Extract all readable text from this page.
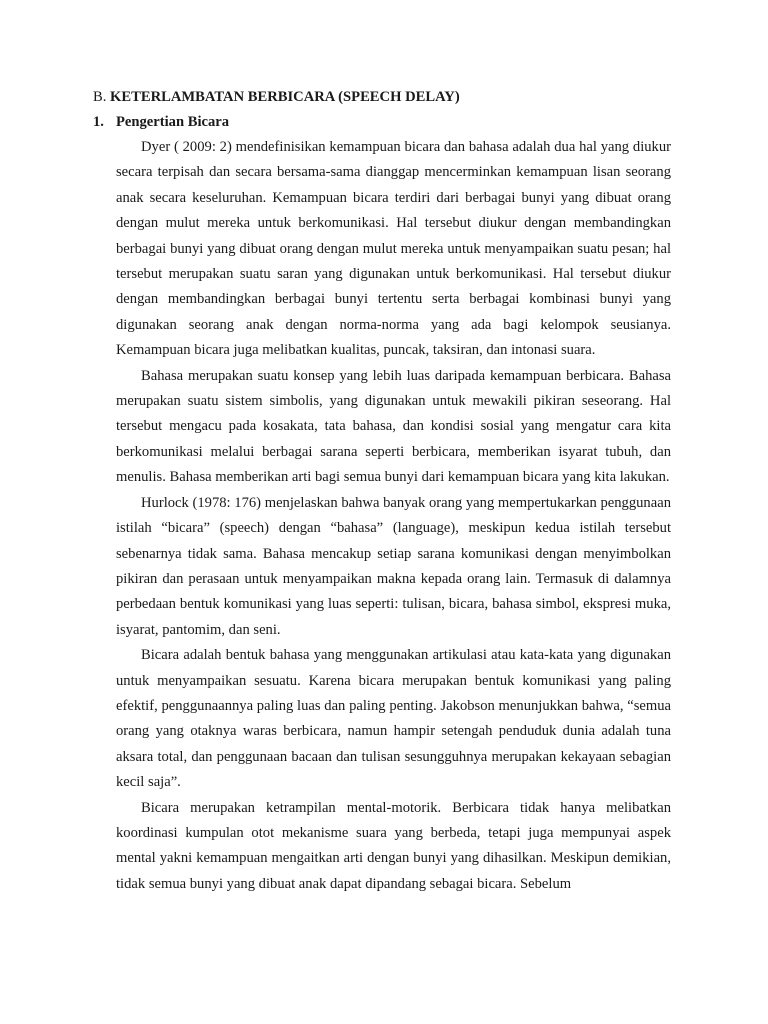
B. KETERLAMBATAN BERBICARA (SPEECH DELAY)
1. Pengertian Bicara

Dyer ( 2009: 2) mendefinisikan kemampuan bicara dan bahasa adalah dua hal yang diukur secara terpisah dan secara bersama-sama dianggap mencerminkan kemampuan lisan seorang anak secara keseluruhan. Kemampuan bicara terdiri dari berbagai bunyi yang dibuat orang dengan mulut mereka untuk berkomunikasi. Hal tersebut diukur dengan membandingkan berbagai bunyi yang dibuat orang dengan mulut mereka untuk menyampaikan suatu pesan; hal tersebut merupakan suatu saran yang digunakan untuk berkomunikasi. Hal tersebut diukur dengan membandingkan berbagai bunyi tertentu serta berbagai kombinasi bunyi yang digunakan seorang anak dengan norma-norma yang ada bagi kelompok seusianya. Kemampuan bicara juga melibatkan kualitas, puncak, taksiran, dan intonasi suara.

Bahasa merupakan suatu konsep yang lebih luas daripada kemampuan berbicara. Bahasa merupakan suatu sistem simbolis, yang digunakan untuk mewakili pikiran seseorang. Hal tersebut mengacu pada kosakata, tata bahasa, dan kondisi sosial yang mengatur cara kita berkomunikasi melalui berbagai sarana seperti berbicara, memberikan isyarat tubuh, dan menulis. Bahasa memberikan arti bagi semua bunyi dari kemampuan bicara yang kita lakukan.

Hurlock (1978: 176) menjelaskan bahwa banyak orang yang mempertukarkan penggunaan istilah “bicara” (speech) dengan “bahasa” (language), meskipun kedua istilah tersebut sebenarnya tidak sama. Bahasa mencakup setiap sarana komunikasi dengan menyimbolkan pikiran dan perasaan untuk menyampaikan makna kepada orang lain. Termasuk di dalamnya perbedaan bentuk komunikasi yang luas seperti: tulisan, bicara, bahasa simbol, ekspresi muka, isyarat, pantomim, dan seni.

Bicara adalah bentuk bahasa yang menggunakan artikulasi atau kata-kata yang digunakan untuk menyampaikan sesuatu. Karena bicara merupakan bentuk komunikasi yang paling efektif, penggunaannya paling luas dan paling penting. Jakobson menunjukkan bahwa, “semua orang yang otaknya waras berbicara, namun hampir setengah penduduk dunia adalah tuna aksara total, dan penggunaan bacaan dan tulisan sesungguhnya merupakan kekayaan sebagian kecil saja”.

Bicara merupakan ketrampilan mental-motorik. Berbicara tidak hanya melibatkan koordinasi kumpulan otot mekanisme suara yang berbeda, tetapi juga mempunyai aspek mental yakni kemampuan mengaitkan arti dengan bunyi yang dihasilkan. Meskipun demikian, tidak semua bunyi yang dibuat anak dapat dipandang sebagai bicara. Sebelum
